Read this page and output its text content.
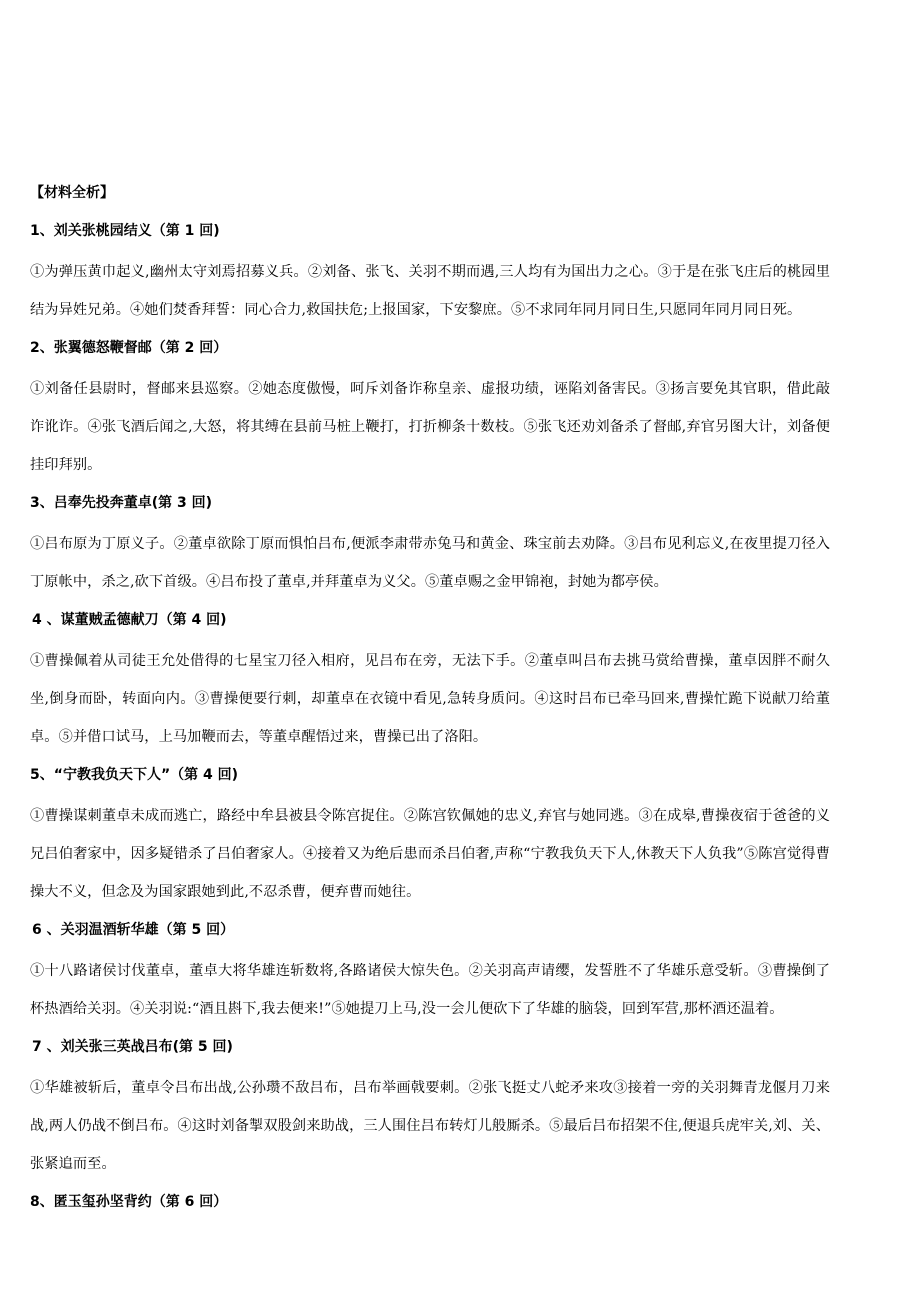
【材料全析】

1、刘关张桃园结义（第 1 回)

①为弹压黄巾起义,幽州太守刘焉招募义兵。②刘备、张飞、关羽不期而遇,三人均有为国出力之心。③于是在张飞庄后的桃园里结为异姓兄弟。④她们焚香拜誓：同心合力,救国扶危;上报国家，下安黎庶。⑤不求同年同月同日生,只愿同年同月同日死。

2、张翼德怒鞭督邮（第 2 回）

①刘备任县尉时，督邮来县巡察。②她态度傲慢，呵斥刘备诈称皇亲、虚报功绩，诬陷刘备害民。③扬言要免其官职，借此敲诈讹诈。④张飞酒后闻之,大怒，将其缚在县前马桩上鞭打，打折柳条十数枝。⑤张飞还劝刘备杀了督邮,弃官另图大计，刘备便挂印拜别。

3、吕奉先投奔董卓(第 3 回)

①吕布原为丁原义子。②董卓欲除丁原而惧怕吕布,便派李肃带赤兔马和黄金、珠宝前去劝降。③吕布见利忘义,在夜里提刀径入丁原帐中，杀之,砍下首级。④吕布投了董卓,并拜董卓为义父。⑤董卓赐之金甲锦袍，封她为都亭侯。

4 、谋董贼孟德献刀（第 4 回)

①曹操佩着从司徒王允处借得的七星宝刀径入相府，见吕布在旁，无法下手。②董卓叫吕布去挑马赏给曹操，董卓因胖不耐久坐,倒身而卧，转面向内。③曹操便要行刺，却董卓在衣镜中看见,急转身质问。④这时吕布已牵马回来,曹操忙跪下说献刀给董卓。⑤并借口试马，上马加鞭而去，等董卓醒悟过来，曹操已出了洛阳。

5、“宁教我负天下人”（第 4 回)

①曹操谋刺董卓未成而逃亡，路经中牟县被县令陈宫捉住。②陈宫钦佩她的忠义,弃官与她同逃。③在成皋,曹操夜宿于爸爸的义兄吕伯奢家中，因多疑错杀了吕伯奢家人。④接着又为绝后患而杀吕伯奢,声称“宁教我负天下人,休教天下人负我”⑤陈宫觉得曹操大不义，但念及为国家跟她到此,不忍杀曹，便弃曹而她往。

6 、关羽温酒斩华雄（第 5 回）

①十八路诸侯讨伐董卓，董卓大将华雄连斩数将,各路诸侯大惊失色。②关羽高声请缨，发誓胜不了华雄乐意受斩。③曹操倒了杯热酒给关羽。④关羽说:“酒且斟下,我去便来!”⑤她提刀上马,没一会儿便砍下了华雄的脑袋，回到军营,那杯酒还温着。

7 、刘关张三英战吕布(第 5 回)

①华雄被斩后，董卓令吕布出战,公孙瓒不敌吕布，吕布举画戟要刺。②张飞挺丈八蛇矛来攻③接着一旁的关羽舞青龙偃月刀来战,两人仍战不倒吕布。④这时刘备掣双股剑来助战，三人围住吕布转灯儿般厮杀。⑤最后吕布招架不住,便退兵虎牢关,刘、关、张紧追而至。

8、匿玉玺孙坚背约（第 6 回）
